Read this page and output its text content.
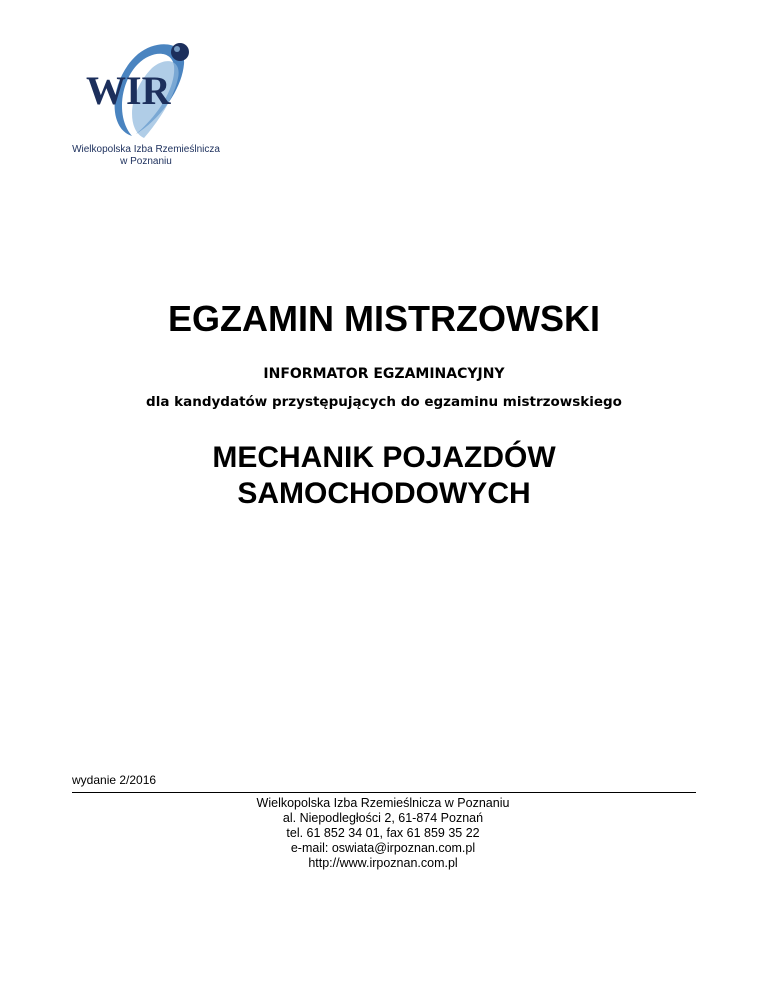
WIR
Wielkopolska Izba Rzemieślnicza
w Poznaniu
EGZAMIN MISTRZOWSKI

INFORMATOR EGZAMINACYJNY

dla kandydatów przystępujących do egzaminu mistrzowskiego

MECHANIK POJAZDÓW
SAMOCHODOWYCH
wydanie 2/2016
Wielkopolska Izba Rzemieślnicza w Poznaniu
al. Niepodległości 2, 61-874 Poznań
tel. 61 852 34 01, fax 61 859 35 22
e-mail: oswiata@irpoznan.com.pl
http://www.irpoznan.com.pl
